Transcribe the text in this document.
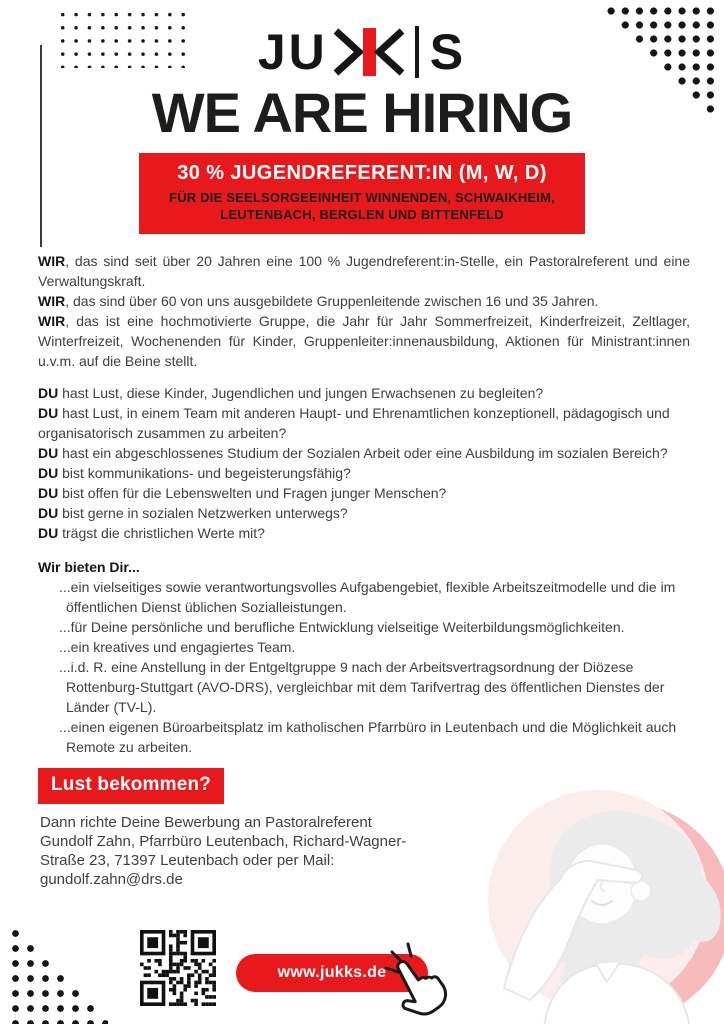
JU S
WE ARE HIRING
30 % JUGENDREFERENT:IN (M, W, D)
FÜR DIE SEELSORGEEINHEIT WINNENDEN, SCHWAIKHEIM, LEUTENBACH, BERGLEN UND BITTENFELD

WIR, das sind seit über 20 Jahren eine 100 % Jugendreferent:in-Stelle, ein Pastoralreferent und eine Verwaltungskraft.

WIR, das sind über 60 von uns ausgebildete Gruppenleitende zwischen 16 und 35 Jahren.

WIR, das ist eine hochmotivierte Gruppe, die Jahr für Jahr Sommerfreizeit, Kinderfreizeit, Zeltlager, Winterfreizeit, Wochenenden für Kinder, Gruppenleiter:innenausbildung, Aktionen für Ministrant:innen u.v.m. auf die Beine stellt.

DU hast Lust, diese Kinder, Jugendlichen und jungen Erwachsenen zu begleiten?

DU hast Lust, in einem Team mit anderen Haupt- und Ehrenamtlichen konzeptionell, pädagogisch und organisatorisch zusammen zu arbeiten?

DU hast ein abgeschlossenes Studium der Sozialen Arbeit oder eine Ausbildung im sozialen Bereich?

DU bist kommunikations- und begeisterungsfähig?

DU bist offen für die Lebenswelten und Fragen junger Menschen?

DU bist gerne in sozialen Netzwerken unterwegs?

DU trägst die christlichen Werte mit?

Wir bieten Dir...

...ein vielseitiges sowie verantwortungsvolles Aufgabengebiet, flexible Arbeitszeitmodelle und die im öffentlichen Dienst üblichen Sozialleistungen.

...für Deine persönliche und berufliche Entwicklung vielseitige Weiterbildungsmöglichkeiten.

...ein kreatives und engagiertes Team.

...i.d. R. eine Anstellung in der Entgeltgruppe 9 nach der Arbeitsvertragsordnung der Diözese Rottenburg-Stuttgart (AVO-DRS), vergleichbar mit dem Tarifvertrag des öffentlichen Dienstes der Länder (TV-L).

...einen eigenen Büroarbeitsplatz im katholischen Pfarrbüro in Leutenbach und die Möglichkeit auch Remote zu arbeiten.

Lust bekommen?
Dann richte Deine Bewerbung an Pastoralreferent
Gundolf Zahn, Pfarrbüro Leutenbach, Richard-Wagner-
Straße 23, 71397 Leutenbach oder per Mail:
gundolf.zahn@drs.de
www.jukks.de
